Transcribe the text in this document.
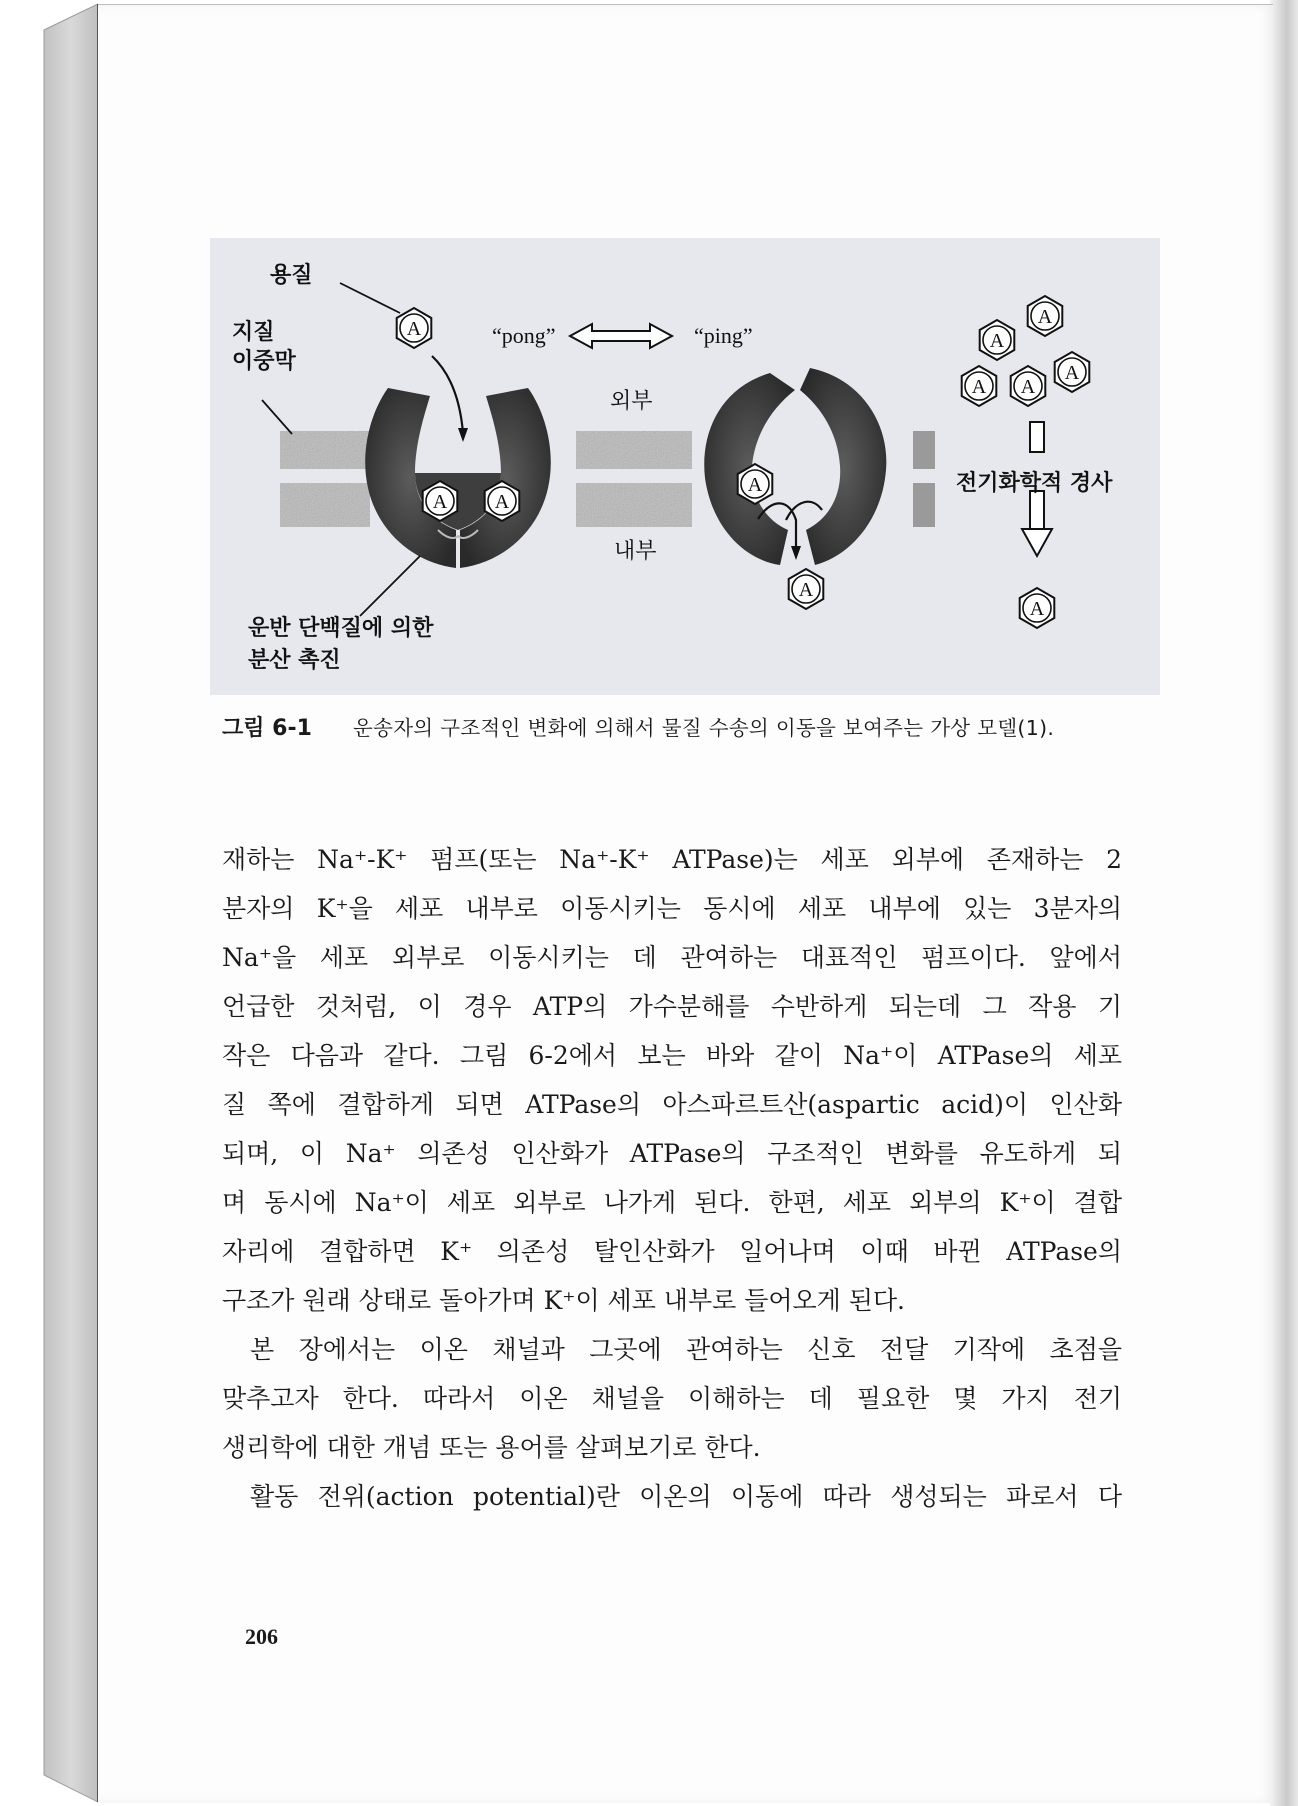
A
A A
A
A
A
A
A A
A
A
용질
지질
이중막
“pong”	“ping”
외부
내부
전기화학적 경사
운반 단백질에 의한
분산 촉진
그림 6-1 운송자의 구조적인 변화에 의해서 물질 수송의 이동을 보여주는 가상 모델(1).
재하는 Na⁺-K⁺ 펌프(또는 Na⁺-K⁺ ATPase)는 세포 외부에 존재하는 2
분자의 K⁺을 세포 내부로 이동시키는 동시에 세포 내부에 있는 3분자의
Na⁺을 세포 외부로 이동시키는 데 관여하는 대표적인 펌프이다. 앞에서
언급한 것처럼, 이 경우 ATP의 가수분해를 수반하게 되는데 그 작용 기
작은 다음과 같다. 그림 6-2에서 보는 바와 같이 Na⁺이 ATPase의 세포
질 쪽에 결합하게 되면 ATPase의 아스파르트산(aspartic acid)이 인산화
되며, 이 Na⁺ 의존성 인산화가 ATPase의 구조적인 변화를 유도하게 되
며 동시에 Na⁺이 세포 외부로 나가게 된다. 한편, 세포 외부의 K⁺이 결합
자리에 결합하면 K⁺ 의존성 탈인산화가 일어나며 이때 바뀐 ATPase의
구조가 원래 상태로 돌아가며 K⁺이 세포 내부로 들어오게 된다.
본 장에서는 이온 채널과 그곳에 관여하는 신호 전달 기작에 초점을
맞추고자 한다. 따라서 이온 채널을 이해하는 데 필요한 몇 가지 전기
생리학에 대한 개념 또는 용어를 살펴보기로 한다.
활동 전위(action potential)란 이온의 이동에 따라 생성되는 파로서 다
206
